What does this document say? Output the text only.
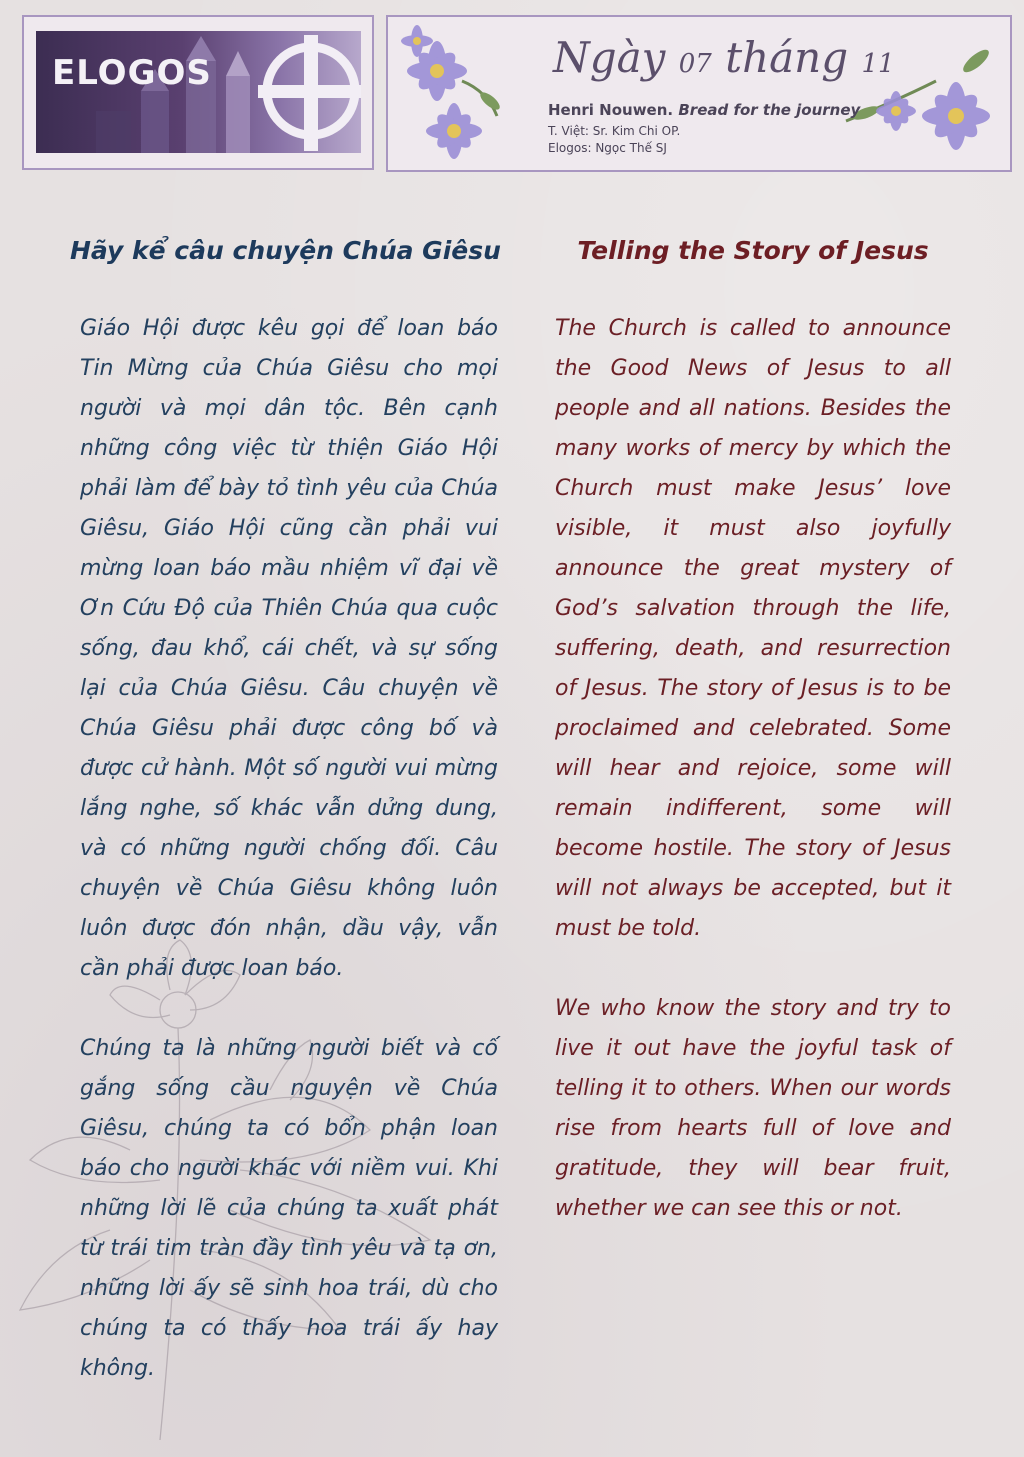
ELOGOS	Ngày 07 tháng 11
Henri Nouwen. Bread for the journey
T. Việt: Sr. Kim Chi OP.
Elogos: Ngọc Thế SJ
Hãy kể câu chuyện Chúa Giêsu

Giáo Hội được kêu gọi để loan báo Tin Mừng của Chúa Giêsu cho mọi người và mọi dân tộc. Bên cạnh những công việc từ thiện Giáo Hội phải làm để bày tỏ tình yêu của Chúa Giêsu, Giáo Hội cũng cần phải vui mừng loan báo mầu nhiệm vĩ đại về Ơn Cứu Độ của Thiên Chúa qua cuộc sống, đau khổ, cái chết, và sự sống lại của Chúa Giêsu. Câu chuyện về Chúa Giêsu phải được công bố và được cử hành. Một số người vui mừng lắng nghe, số khác vẫn dửng dung, và có những người chống đối. Câu chuyện về Chúa Giêsu không luôn luôn được đón nhận, dầu vậy, vẫn cần phải được loan báo.

Chúng ta là những người biết và cố gắng sống cầu nguyện về Chúa Giêsu, chúng ta có bổn phận loan báo cho người khác với niềm vui. Khi những lời lẽ của chúng ta xuất phát từ trái tim tràn đầy tình yêu và tạ ơn, những lời ấy sẽ sinh hoa trái, dù cho chúng ta có thấy hoa trái ấy hay không.

Telling the Story of Jesus

The Church is called to announce the Good News of Jesus to all people and all nations. Besides the many works of mercy by which the Church must make Jesus’ love visible, it must also joyfully announce the great mystery of God’s salvation through the life, suffering, death, and resurrection of Jesus. The story of Jesus is to be proclaimed and celebrated. Some will hear and rejoice, some will remain indifferent, some will become hostile. The story of Jesus will not always be accepted, but it must be told.

We who know the story and try to live it out have the joyful task of telling it to others. When our words rise from hearts full of love and gratitude, they will bear fruit, whether we can see this or not.
